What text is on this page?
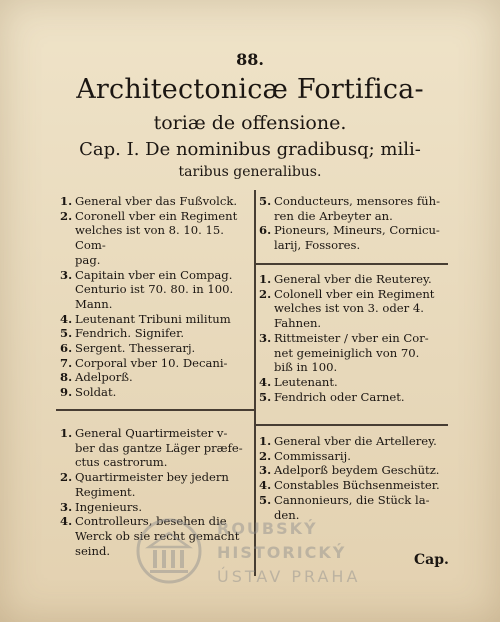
88.
Architectonicæ Fortifica-
toriæ de offensione.
Cap. I. De nominibus gradibusq; mili-
taribus generalibus.
1. General vber das Fußvolck.
2. Coronell vber ein Regiment
welches ist von 8. 10. 15. Com-
pag.
3. Capitain vber ein Compag.
Centurio ist 70. 80. in 100.
Mann.
4. Leutenant Tribuni militum
5. Fendrich. Signifer.
6. Sergent. Thesserarj.
7. Corporal vber 10. Decani-
8. Adelporß.
9. Soldat.
5. Conducteurs, mensores füh-
ren die Arbeyter an.
6. Pioneurs, Mineurs, Cornicu-
larij, Fossores.
1. General vber die Reuterey.
2. Colonell vber ein Regiment
welches ist von 3. oder 4.
Fahnen.
3. Rittmeister / vber ein Cor-
net gemeiniglich von 70.
biß in 100.
4. Leutenant.
5. Fendrich oder Carnet.
1. General Quartirmeister v-
ber das gantze Läger præfe-
ctus castrorum.
2. Quartirmeister bey jedern
Regiment.
3. Ingenieurs.
4. Controlleurs, besehen die
Werck ob sie recht gemacht
seind.
1. General vber die Artellerey.
2. Commissarij.
3. Adelporß beydem Geschütz.
4. Constables Büchsenmeister.
5. Cannonieurs, die Stück la-
den.
Cap.
ROUBSKÝ
HISTORICKÝ
ÚSTAV PRAHA
